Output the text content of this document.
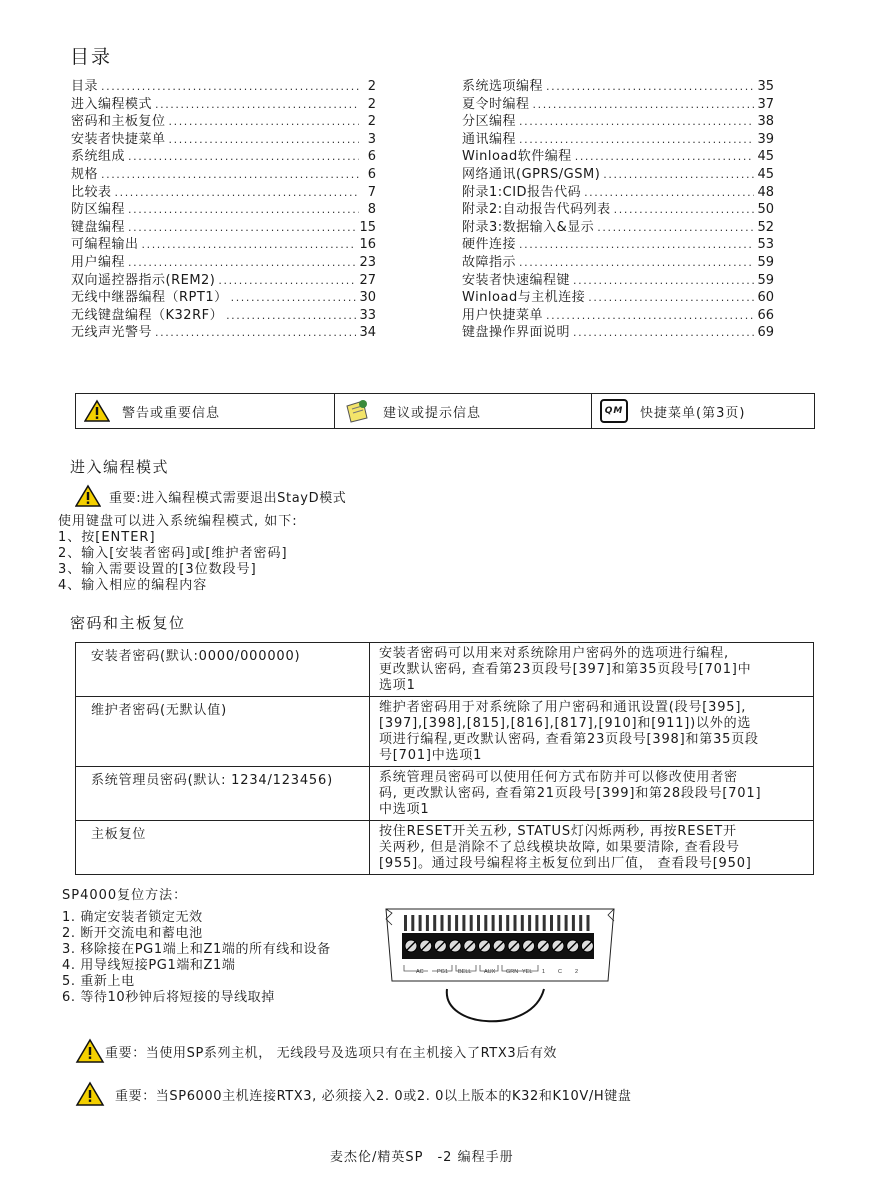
目录
目录 .....	2
进入编程模式 .....	2
密码和主板复位 .....	2
安装者快捷菜单 .....	3
系统组成 .....	6
规格 .....	6
比较表 .....	7
防区编程 .....	8
键盘编程 .....	15
可编程输出 .....	16
用户编程 .....	23
双向遥控器指示(REM2) .....	27
无线中继器编程（RPT1） .....	30
无线键盘编程（K32RF） .....	33
无线声光警号 .....	34
系统选项编程 .....	35
夏令时编程 .....	37
分区编程 .....	38
通讯编程 .....	39
Winload软件编程 .....	45
网络通讯(GPRS/GSM) .....	45
附录1:CID报告代码 .....	48
附录2:自动报告代码列表 .....	50
附录3:数据输入&显示 .....	52
硬件连接 .....	53
故障指示 .....	59
安装者快速编程键 .....	59
Winload与主机连接 .....	60
用户快捷菜单 .....	66
键盘操作界面说明 .....	69
警告或重要信息	建议或提示信息	QM	快捷菜单(第3页)
进入编程模式
重要:进入编程模式需要退出StayD模式
使用键盘可以进入系统编程模式, 如下:
1、按[ENTER]
2、输入[安装者密码]或[维护者密码]
3、输入需要设置的[3位数段号]
4、输入相应的编程内容
密码和主板复位
安装者密码(默认:0000/000000)	安装者密码可以用来对系统除用户密码外的选项进行编程,
更改默认密码, 查看第23页段号[397]和第35页段号[701]中
选项1

维护者密码(无默认值)	维护者密码用于对系统除了用户密码和通讯设置(段号[395],
[397],[398],[815],[816],[817],[910]和[911])以外的选
项进行编程,更改默认密码, 查看第23页段号[398]和第35页段
号[701]中选项1

系统管理员密码(默认: 1234/123456)	系统管理员密码可以使用任何方式布防并可以修改使用者密
码, 更改默认密码, 查看第21页段号[399]和第28段段号[701]
中选项1

主板复位	按住RESET开关五秒, STATUS灯闪烁两秒, 再按RESET开
关两秒, 但是消除不了总线模块故障, 如果要清除, 查看段号
[955]。通过段号编程将主板复位到出厂值， 查看段号[950]
SP4000复位方法：
1. 确定安装者锁定无效
2. 断开交流电和蓄电池
3. 移除接在PG1端上和Z1端的所有线和设备
4. 用导线短接PG1端和Z1端
5. 重新上电
6. 等待10秒钟后将短接的导线取掉
AC PG1 BELL AUX GRN YEL 1 C 2
重要：当使用SP系列主机， 无线段号及选项只有在主机接入了RTX3后有效
重要：当SP6000主机连接RTX3, 必须接入2. 0或2. 0以上版本的K32和K10V/H键盘
麦杰伦/精英SP　-2 编程手册
